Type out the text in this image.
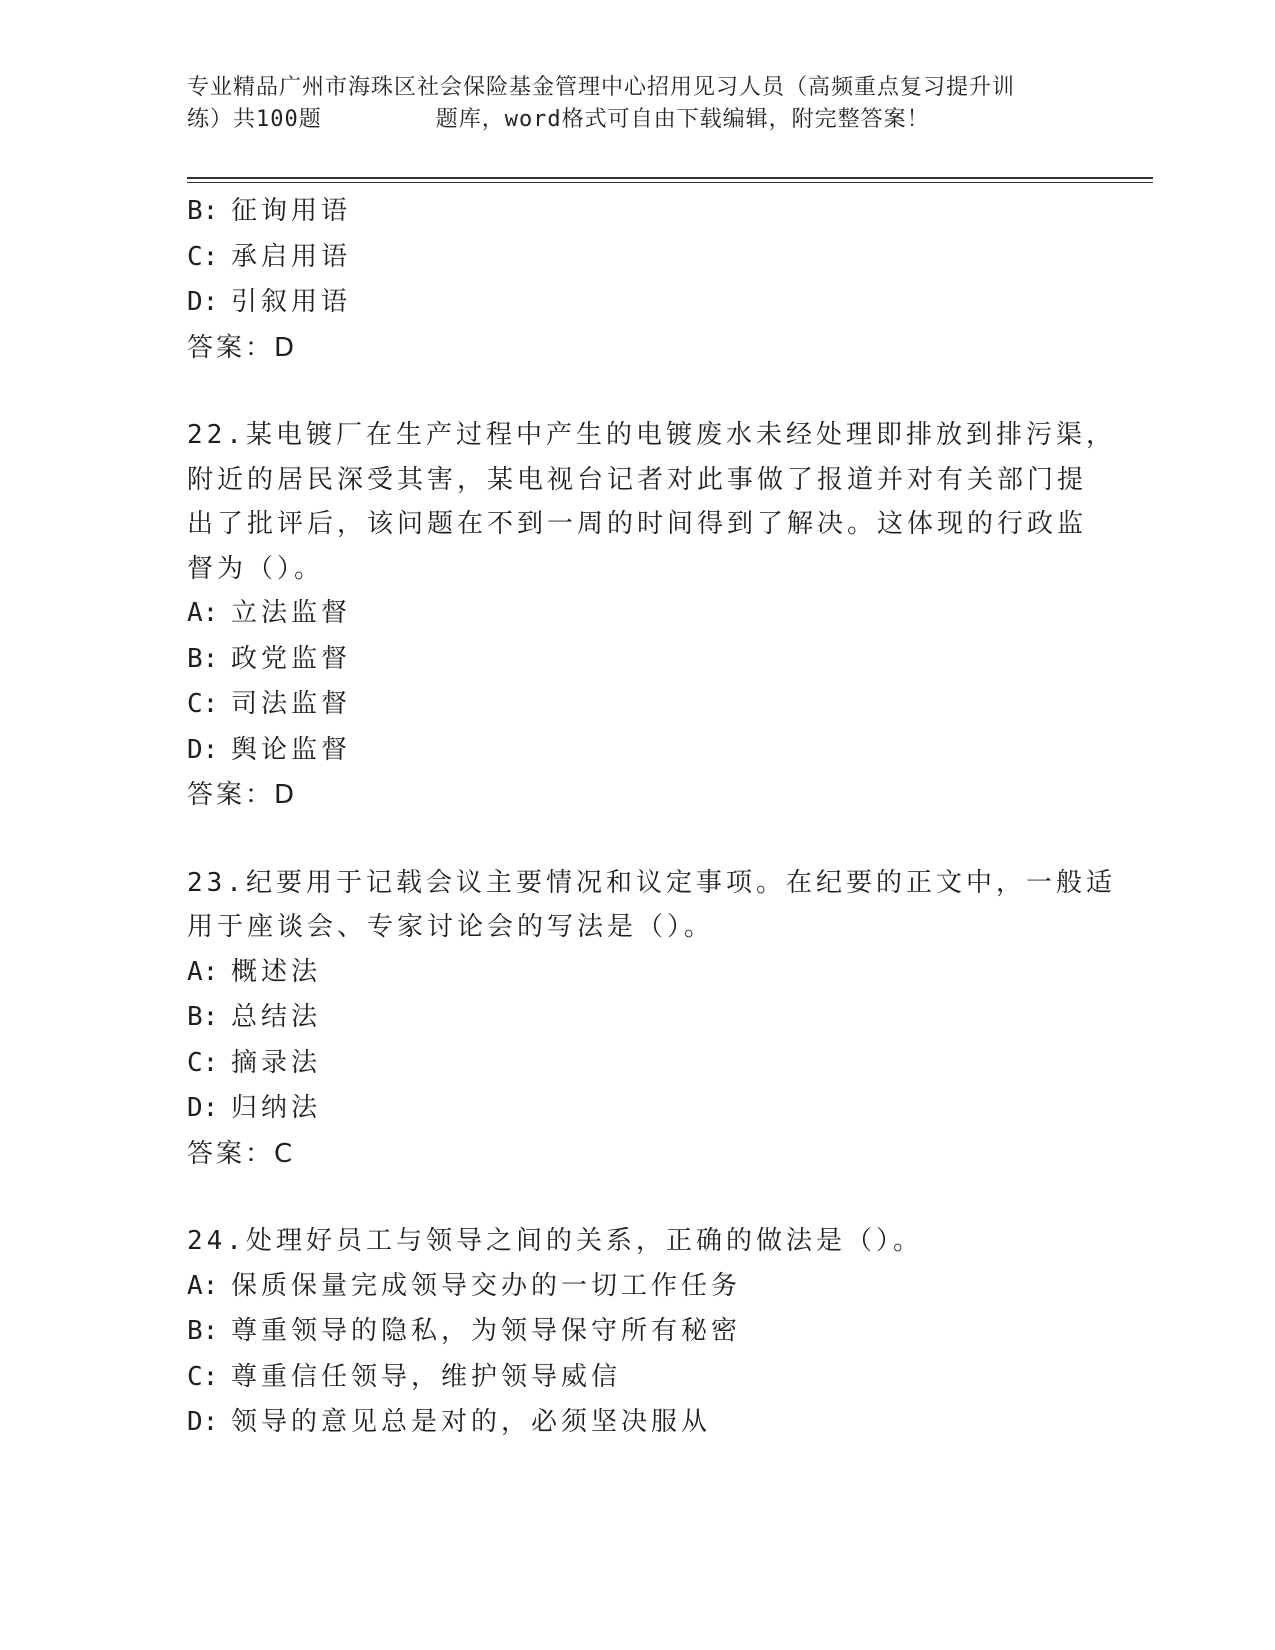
专业精品广州市海珠区社会保险基金管理中心招用见习人员（高频重点复习提升训
练）共100题        题库，word格式可自由下载编辑，附完整答案！
B: 征询用语
C: 承启用语
D: 引叙用语
答案：D
22.某电镀厂在生产过程中产生的电镀废水未经处理即排放到排污渠，
附近的居民深受其害，某电视台记者对此事做了报道并对有关部门提
出了批评后，该问题在不到一周的时间得到了解决。这体现的行政监
督为（）。
A: 立法监督
B: 政党监督
C: 司法监督
D: 舆论监督
答案：D
23.纪要用于记载会议主要情况和议定事项。在纪要的正文中，一般适
用于座谈会、专家讨论会的写法是（）。
A: 概述法
B: 总结法
C: 摘录法
D: 归纳法
答案：C
24.处理好员工与领导之间的关系，正确的做法是（）。
A: 保质保量完成领导交办的一切工作任务
B: 尊重领导的隐私，为领导保守所有秘密
C: 尊重信任领导，维护领导威信
D: 领导的意见总是对的，必须坚决服从
